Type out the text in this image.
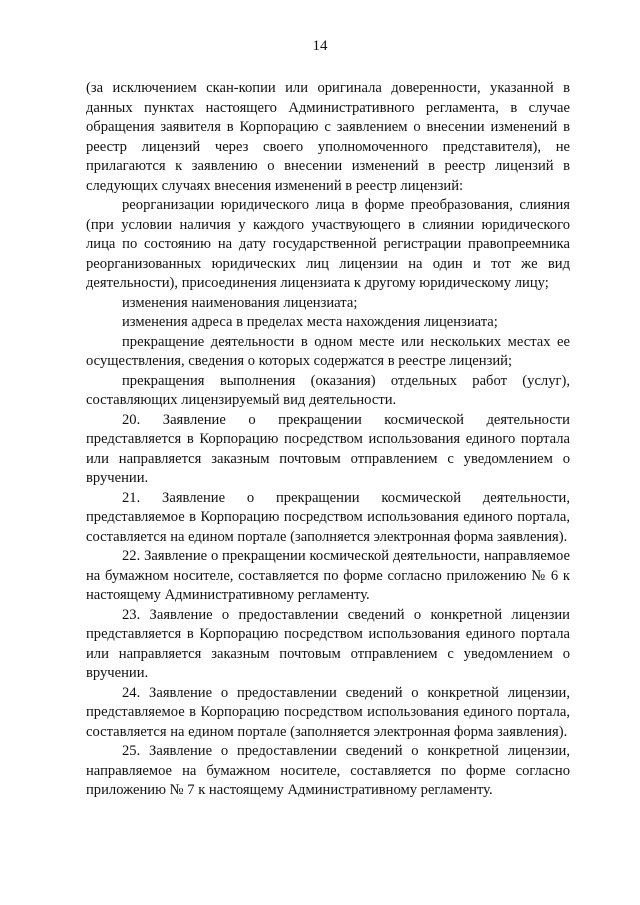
14

(за исключением скан-копии или оригинала доверенности, указанной в данных пунктах настоящего Административного регламента, в случае обращения заявителя в Корпорацию с заявлением о внесении изменений в реестр лицензий через своего уполномоченного представителя), не прилагаются к заявлению о внесении изменений в реестр лицензий в следующих случаях внесения изменений в реестр лицензий:

реорганизации юридического лица в форме преобразования, слияния (при условии наличия у каждого участвующего в слиянии юридического лица по состоянию на дату государственной регистрации правопреемника реорганизованных юридических лиц лицензии на один и тот же вид деятельности), присоединения лицензиата к другому юридическому лицу;

изменения наименования лицензиата;

изменения адреса в пределах места нахождения лицензиата;

прекращение деятельности в одном месте или нескольких местах ее осуществления, сведения о которых содержатся в реестре лицензий;

прекращения выполнения (оказания) отдельных работ (услуг), составляющих лицензируемый вид деятельности.

20. Заявление о прекращении космической деятельности представляется в Корпорацию посредством использования единого портала или направляется заказным почтовым отправлением с уведомлением о вручении.

21. Заявление о прекращении космической деятельности, представляемое в Корпорацию посредством использования единого портала, составляется на едином портале (заполняется электронная форма заявления).

22. Заявление о прекращении космической деятельности, направляемое на бумажном носителе, составляется по форме согласно приложению № 6 к настоящему Административному регламенту.

23. Заявление о предоставлении сведений о конкретной лицензии представляется в Корпорацию посредством использования единого портала или направляется заказным почтовым отправлением с уведомлением о вручении.

24. Заявление о предоставлении сведений о конкретной лицензии, представляемое в Корпорацию посредством использования единого портала, составляется на едином портале (заполняется электронная форма заявления).

25. Заявление о предоставлении сведений о конкретной лицензии, направляемое на бумажном носителе, составляется по форме согласно приложению № 7 к настоящему Административному регламенту.
